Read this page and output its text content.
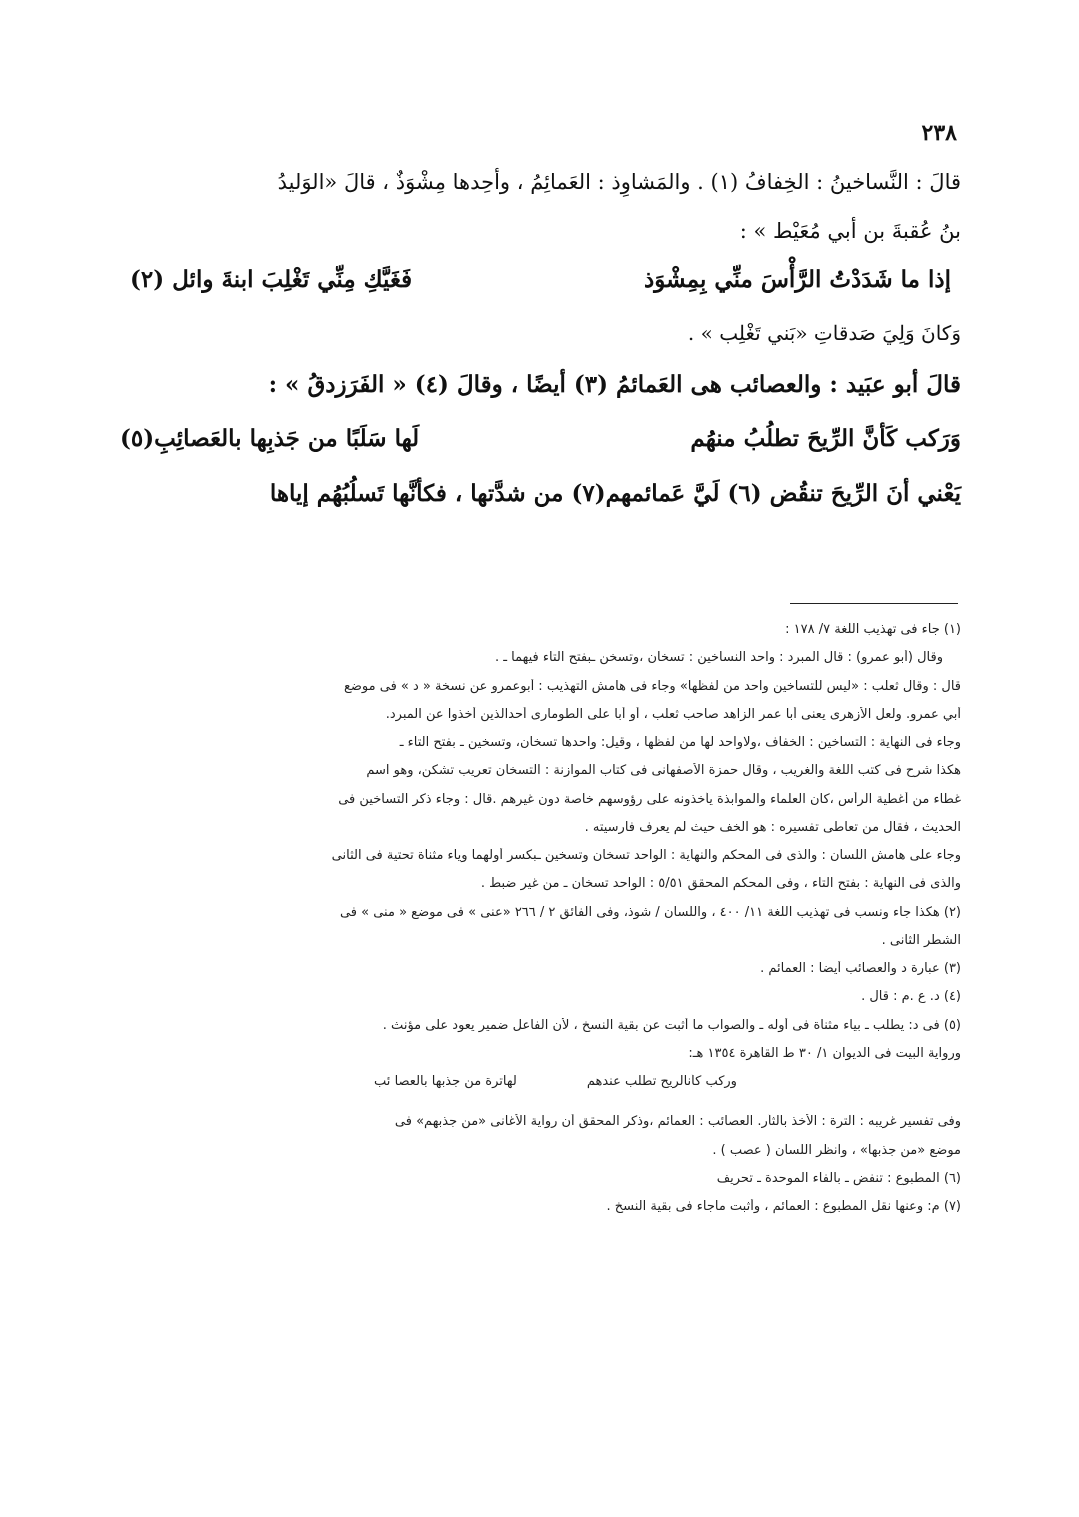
٢٣٨
قالَ : النَّساخينُ : الخِفافُ (١) . والمَشاوِذ : العَمائِمُ ، وأحِدها مِشْوَذٌ ، قالَ «الوَليدُ
بنُ عُقبةَ بن أبي مُعَيْط » :
إذا ما شَدَدْتُ الرَّأْسَ منِّي بِمِشْوَذ
فَغَيَّكِ مِنِّي تَغْلِبَ ابنةَ وائل (٢)
وَكانَ وَلِيَ صَدقاتِ «بَني تَغْلِب » .
قالَ أبو عبَيد : والعصائب هى العَمائمُ (٣) أيضًا ، وقالَ (٤) « الفَرَزدقُ » :
وَرَكب كَأنَّ الرِّيحَ تطلُبُ منهُم
لَها سَلَبًا من جَذبِها بالعَصائِبِ(٥)
يَعْني أنَ الرِّيحَ تنقُض (٦) لَيَّ عَمائمهم(٧) من شدَّتها ، فكأنَّها تَسلُبُهُم إياها
(١) جاء فى تهذيب اللغة ٧/ ١٧٨ :
وقال (أبو عمرو) : قال المبرد : واحد النساخين : تسخان ،وتسخن ـبفتح التاء فيهما ـ .
قال : وقال ثعلب : «ليس للتساخين واحد من لفظها» وجاء فى هامش التهذيب : أبوعمرو عن نسخة « د » فى موضع
أبي عمرو. ولعل الأزهرى يعنى أبا عمر الزاهد صاحب ثعلب ، أو أبا على الطومارى أحدالذين أخذوا عن المبرد.
وجاء فى النهاية : التساخين : الخفاف ،ولاواحد لها من لفظها ، وقيل: واحدها تسخان، وتسخين ـ بفتح التاء ـ
هكذا شرح فى كتب اللغة والغريب ، وقال حمزة الأصفهانى فى كتاب الموازنة : التسخان تعريب تشكن، وهو اسم
غطاء من أغطية الرأس ،كان العلماء والموابذة يأخذونه على رؤوسهم خاصة دون غيرهم .قال : وجاء ذكر التساخين فى
الحديث ، فقال من تعاطى تفسيره : هو الخف حيث لم يعرف فارسيته .
وجاء على هامش اللسان : والذى فى المحكم والنهاية : الواحد تسخان وتسخين ـبكسر أولهما وياء مثناة تحتية فى الثانى
والذى فى النهاية : بفتح التاء ، وفى المحكم المحقق ٥/٥١ : الواحد تسخان ـ من غير ضبط .
(٢) هكذا جاء ونسب فى تهذيب اللغة ١١/ ٤٠٠ ، واللسان / شوذ، وفى الفائق ٢ / ٢٦٦ «عنى » فى موضع « منى » فى
الشطر الثانى .
(٣) عبارة د والعصائب أيضا : العمائم .
(٤) د. ع .م : قال .
(٥) فى د: يطلب ـ بياء مثناة فى أوله ـ والصواب ما أثبت عن بقية النسخ ، لأن الفاعل ضمير يعود على مؤنث .
ورواية البيت فى الديوان ١/ ٣٠ ط القاهرة ١٣٥٤ هـ:
وركب كأنالريح تطلب عندهم
لهاترة من جذبها بالعصا ئب
وفى تفسير غريبه : الترة : الأخذ بالثأر. العصائب : العمائم ،وذكر المحقق أن رواية الأغانى «من جذبهم» فى
موضع «من جذبها» ، وانظر اللسان ( عصب ) .
(٦) المطبوع : تنفض ـ بالفاء الموحدة ـ تحريف
(٧) م: وعنها نقل المطبوع : العمائم ، وأثبت ماجاء فى بقية النسخ .
